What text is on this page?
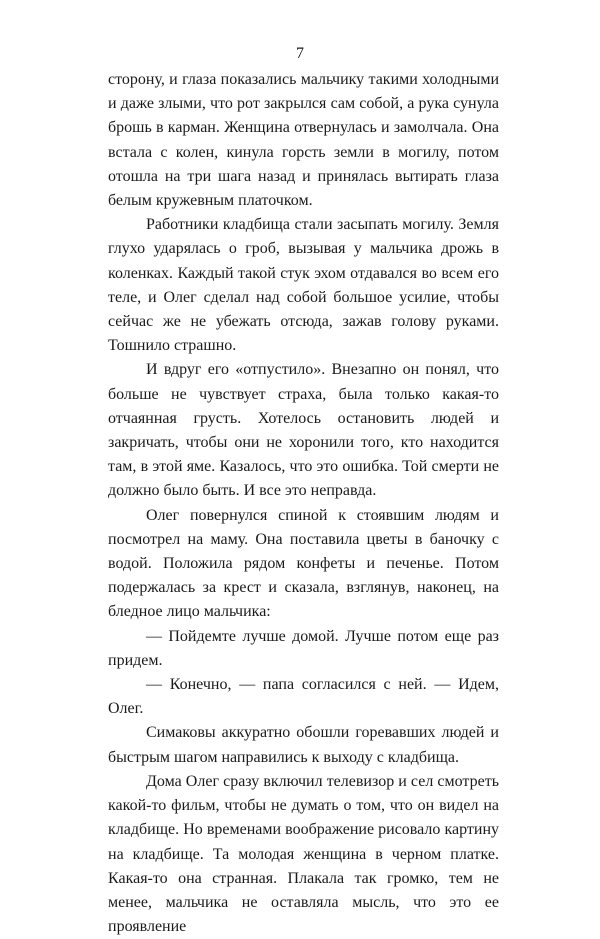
7

сторону, и глаза показались мальчику такими холодными и даже злыми, что рот закрылся сам собой, а рука сунула брошь в карман. Женщина отвернулась и замолчала. Она встала с колен, кинула горсть земли в могилу, потом отошла на три шага назад и принялась вытирать глаза белым кружевным платочком.

Работники кладбища стали засыпать могилу. Земля глухо ударялась о гроб, вызывая у мальчика дрожь в коленках. Каждый такой стук эхом отдавался во всем его теле, и Олег сделал над собой большое усилие, чтобы сейчас же не убежать отсюда, зажав голову руками. Тошнило страшно.

И вдруг его «отпустило». Внезапно он понял, что больше не чувствует страха, была только какая-то отчаянная грусть. Хотелось остановить людей и закричать, чтобы они не хоронили того, кто находится там, в этой яме. Казалось, что это ошибка. Той смерти не должно было быть. И все это неправда.

Олег повернулся спиной к стоявшим людям и посмотрел на маму. Она поставила цветы в баночку с водой. Положила рядом конфеты и печенье. Потом подержалась за крест и сказала, взглянув, наконец, на бледное лицо мальчика:

— Пойдемте лучше домой. Лучше потом еще раз придем.

— Конечно, — папа согласился с ней. — Идем, Олег.

Симаковы аккуратно обошли горевавших людей и быстрым шагом направились к выходу с кладбища.

Дома Олег сразу включил телевизор и сел смотреть какой-то фильм, чтобы не думать о том, что он видел на кладбище. Но временами воображение рисовало картину на кладбище. Та молодая женщина в черном платке. Какая-то она странная. Плакала так громко, тем не менее, мальчика не оставляла мысль, что это ее проявление
